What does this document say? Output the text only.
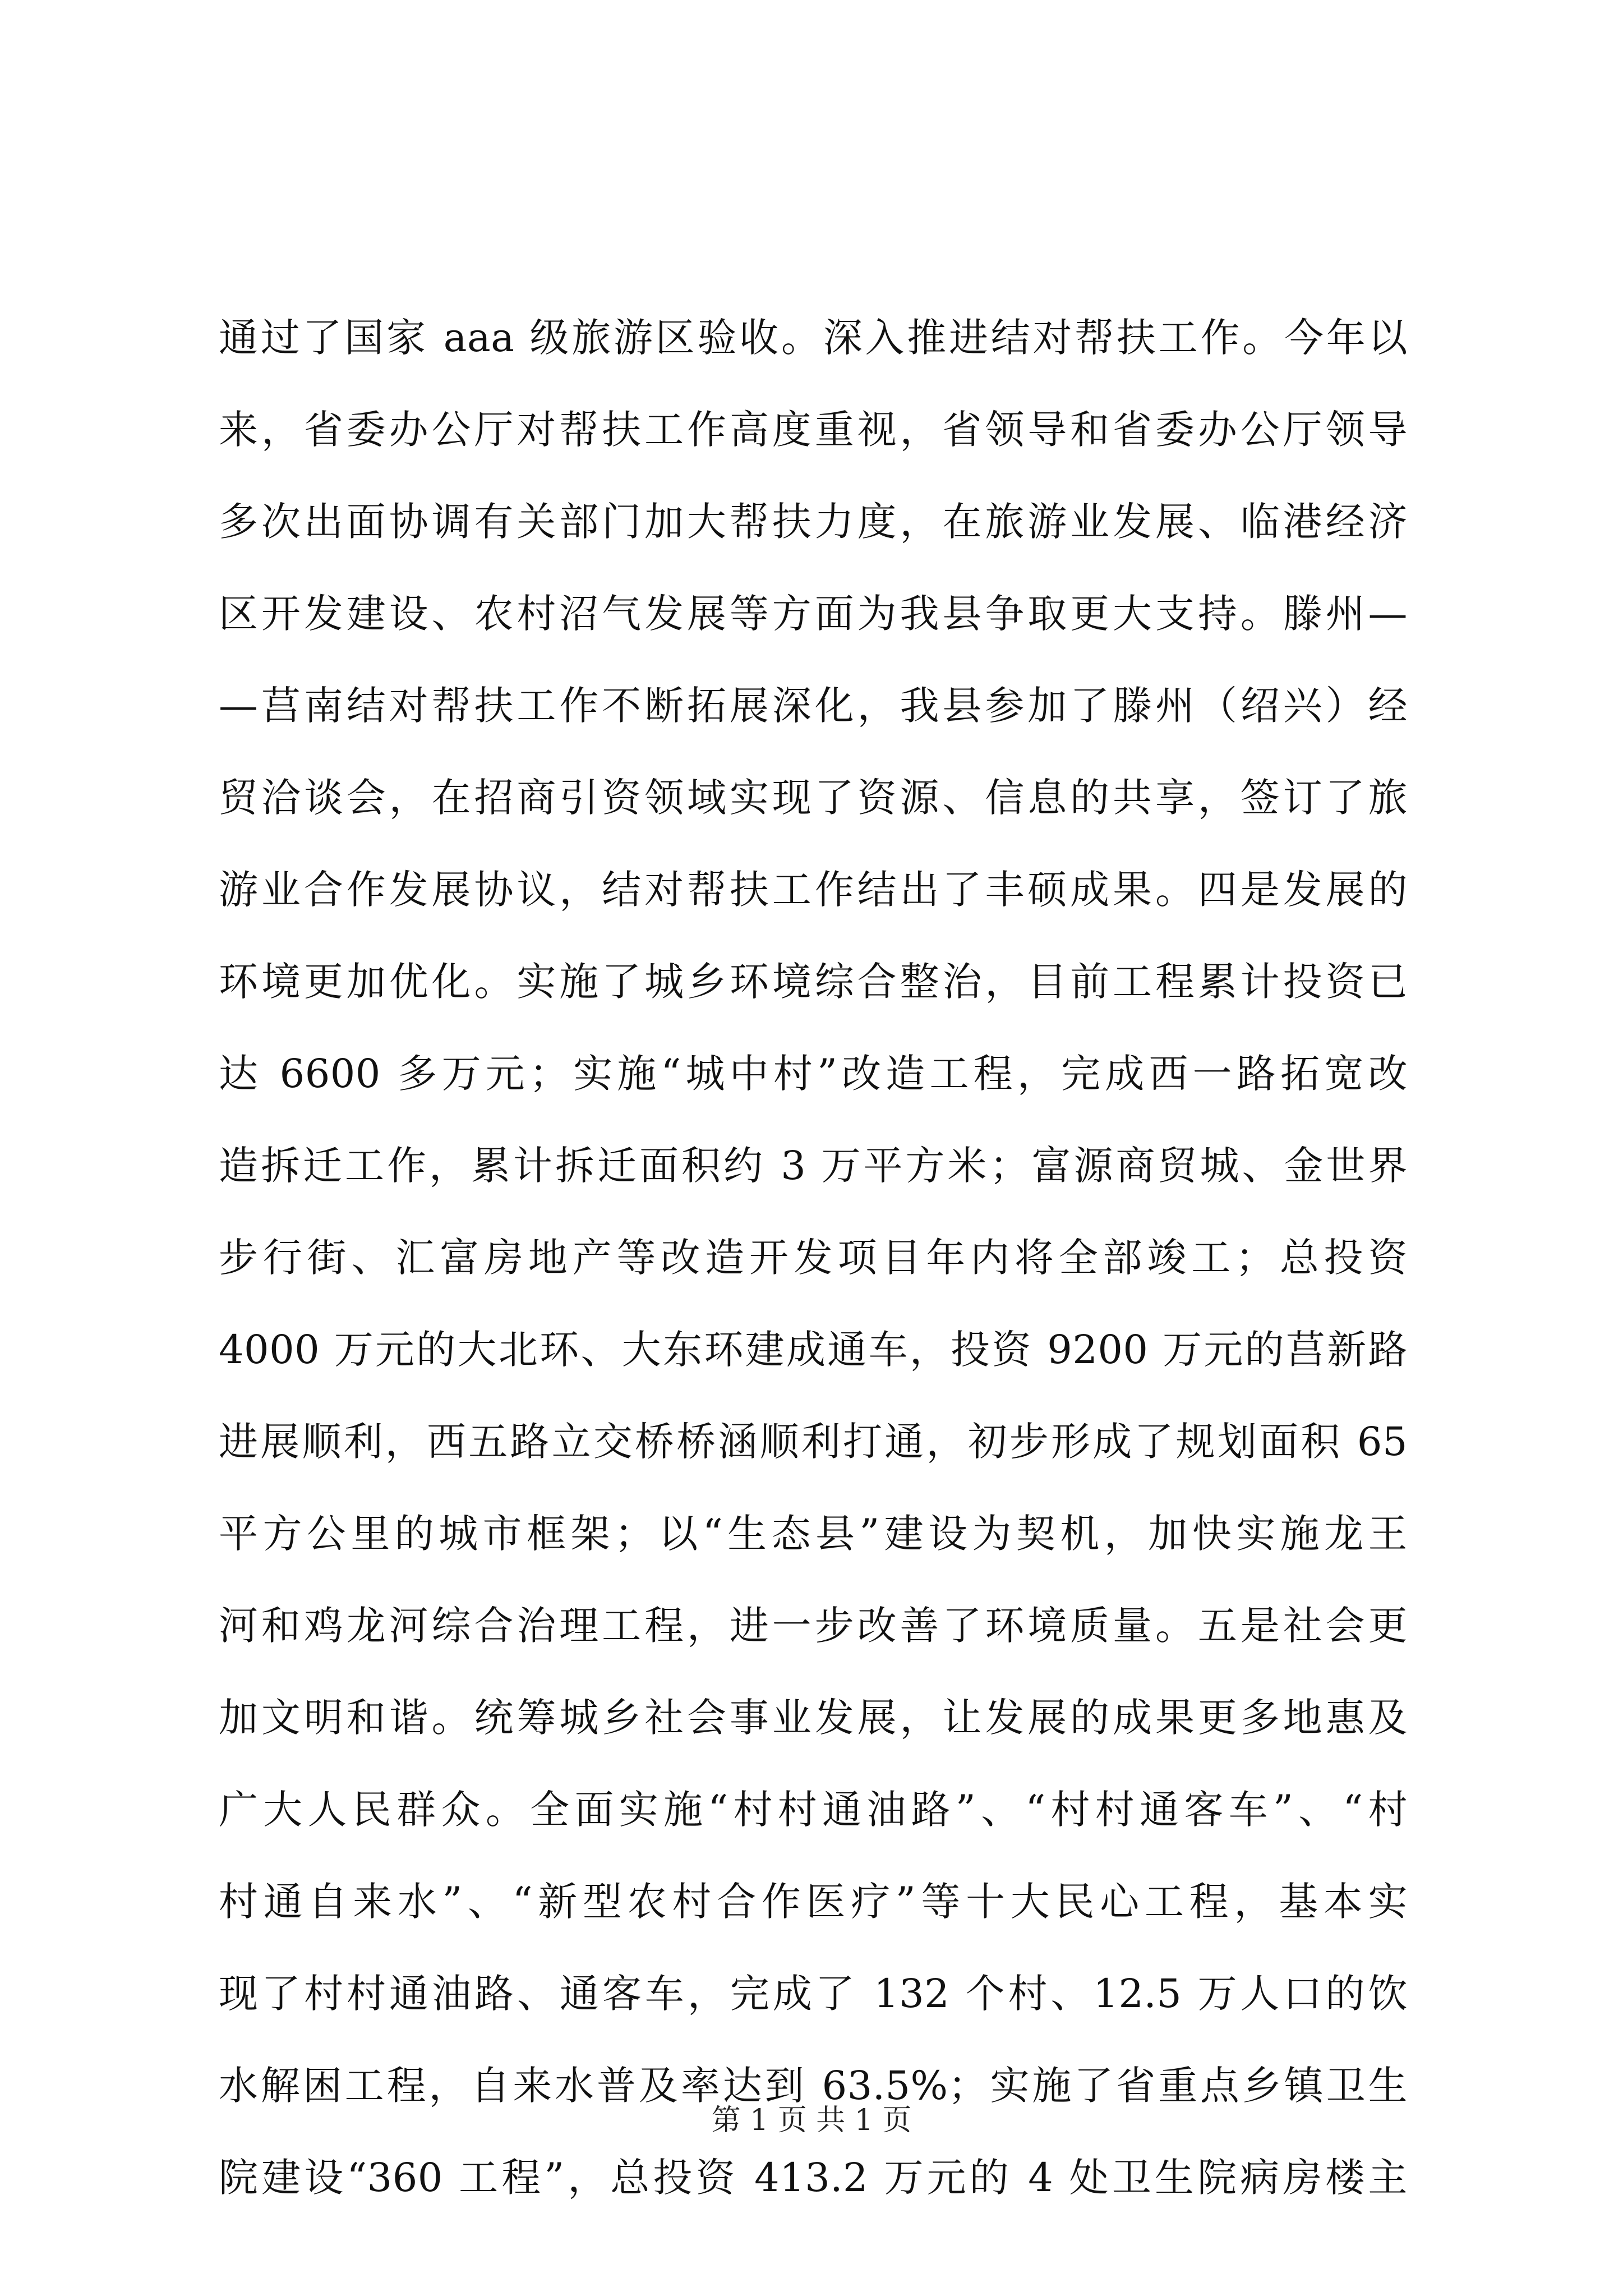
通过了国家 aaa 级旅游区验收。深入推进结对帮扶工作。今年以
来，省委办公厅对帮扶工作高度重视，省领导和省委办公厅领导
多次出面协调有关部门加大帮扶力度，在旅游业发展、临港经济
区开发建设、农村沼气发展等方面为我县争取更大支持。滕州—
—莒南结对帮扶工作不断拓展深化，我县参加了滕州（绍兴）经
贸洽谈会，在招商引资领域实现了资源、信息的共享，签订了旅
游业合作发展协议，结对帮扶工作结出了丰硕成果。四是发展的
环境更加优化。实施了城乡环境综合整治，目前工程累计投资已
达 6600 多万元；实施“城中村”改造工程，完成西一路拓宽改
造拆迁工作，累计拆迁面积约 3 万平方米；富源商贸城、金世界
步行街、汇富房地产等改造开发项目年内将全部竣工；总投资
4000 万元的大北环、大东环建成通车，投资 9200 万元的莒新路
进展顺利，西五路立交桥桥涵顺利打通，初步形成了规划面积 65
平方公里的城市框架；以“生态县”建设为契机，加快实施龙王
河和鸡龙河综合治理工程，进一步改善了环境质量。五是社会更
加文明和谐。统筹城乡社会事业发展，让发展的成果更多地惠及
广大人民群众。全面实施“村村通油路”、“村村通客车”、“村
村通自来水”、“新型农村合作医疗”等十大民心工程，基本实
现了村村通油路、通客车，完成了 132 个村、12.5 万人口的饮
水解困工程，自来水普及率达到 63.5%；实施了省重点乡镇卫生
院建设“360 工程”，总投资 413.2 万元的 4 处卫生院病房楼主
第 1 页 共 1 页
